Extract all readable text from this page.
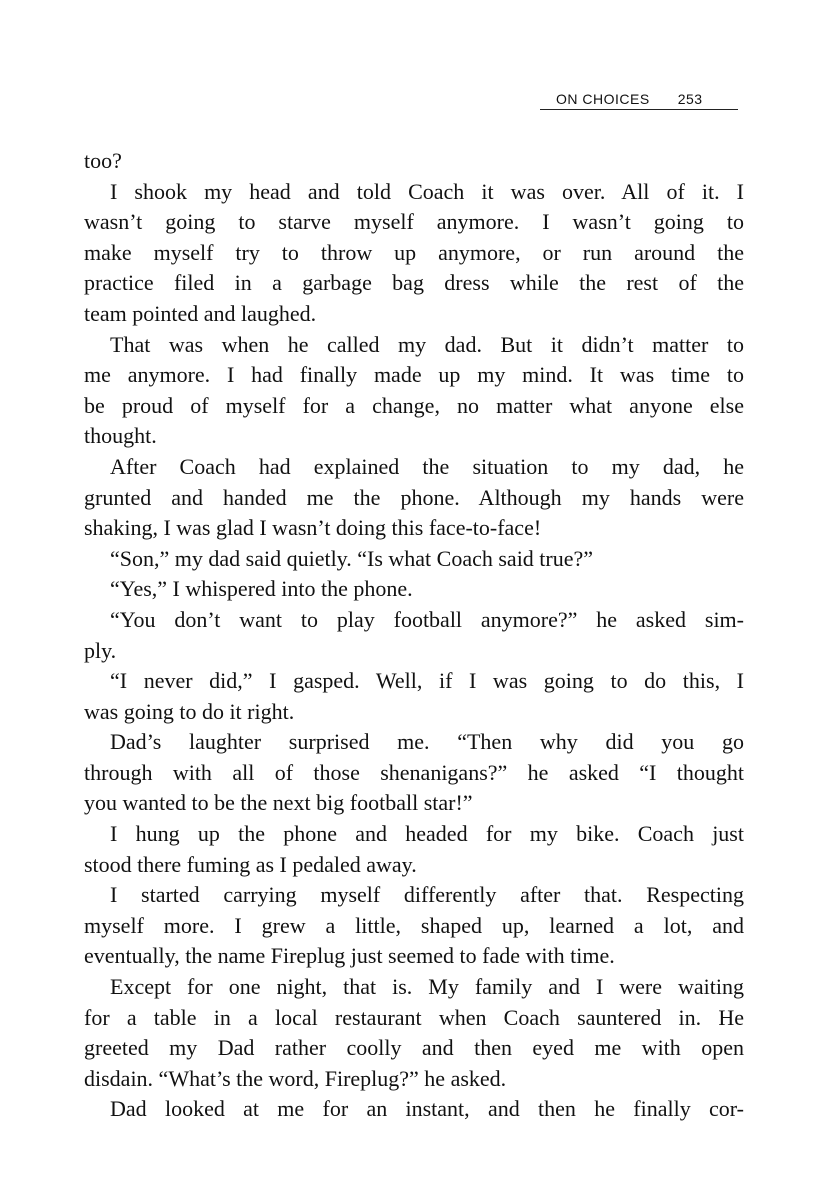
ON CHOICES 253
too?
I shook my head and told Coach it was over. All of it. I
wasn’t going to starve myself anymore. I wasn’t going to
make myself try to throw up anymore, or run around the
practice filed in a garbage bag dress while the rest of the
team pointed and laughed.
That was when he called my dad. But it didn’t matter to
me anymore. I had finally made up my mind. It was time to
be proud of myself for a change, no matter what anyone else
thought.
After Coach had explained the situation to my dad, he
grunted and handed me the phone. Although my hands were
shaking, I was glad I wasn’t doing this face-to-face!
“Son,” my dad said quietly. “Is what Coach said true?”
“Yes,” I whispered into the phone.
“You don’t want to play football anymore?” he asked sim-
ply.
“I never did,” I gasped. Well, if I was going to do this, I
was going to do it right.
Dad’s laughter surprised me. “Then why did you go
through with all of those shenanigans?” he asked “I thought
you wanted to be the next big football star!”
I hung up the phone and headed for my bike. Coach just
stood there fuming as I pedaled away.
I started carrying myself differently after that. Respecting
myself more. I grew a little, shaped up, learned a lot, and
eventually, the name Fireplug just seemed to fade with time.
Except for one night, that is. My family and I were waiting
for a table in a local restaurant when Coach sauntered in. He
greeted my Dad rather coolly and then eyed me with open
disdain. “What’s the word, Fireplug?” he asked.
Dad looked at me for an instant, and then he finally cor-
